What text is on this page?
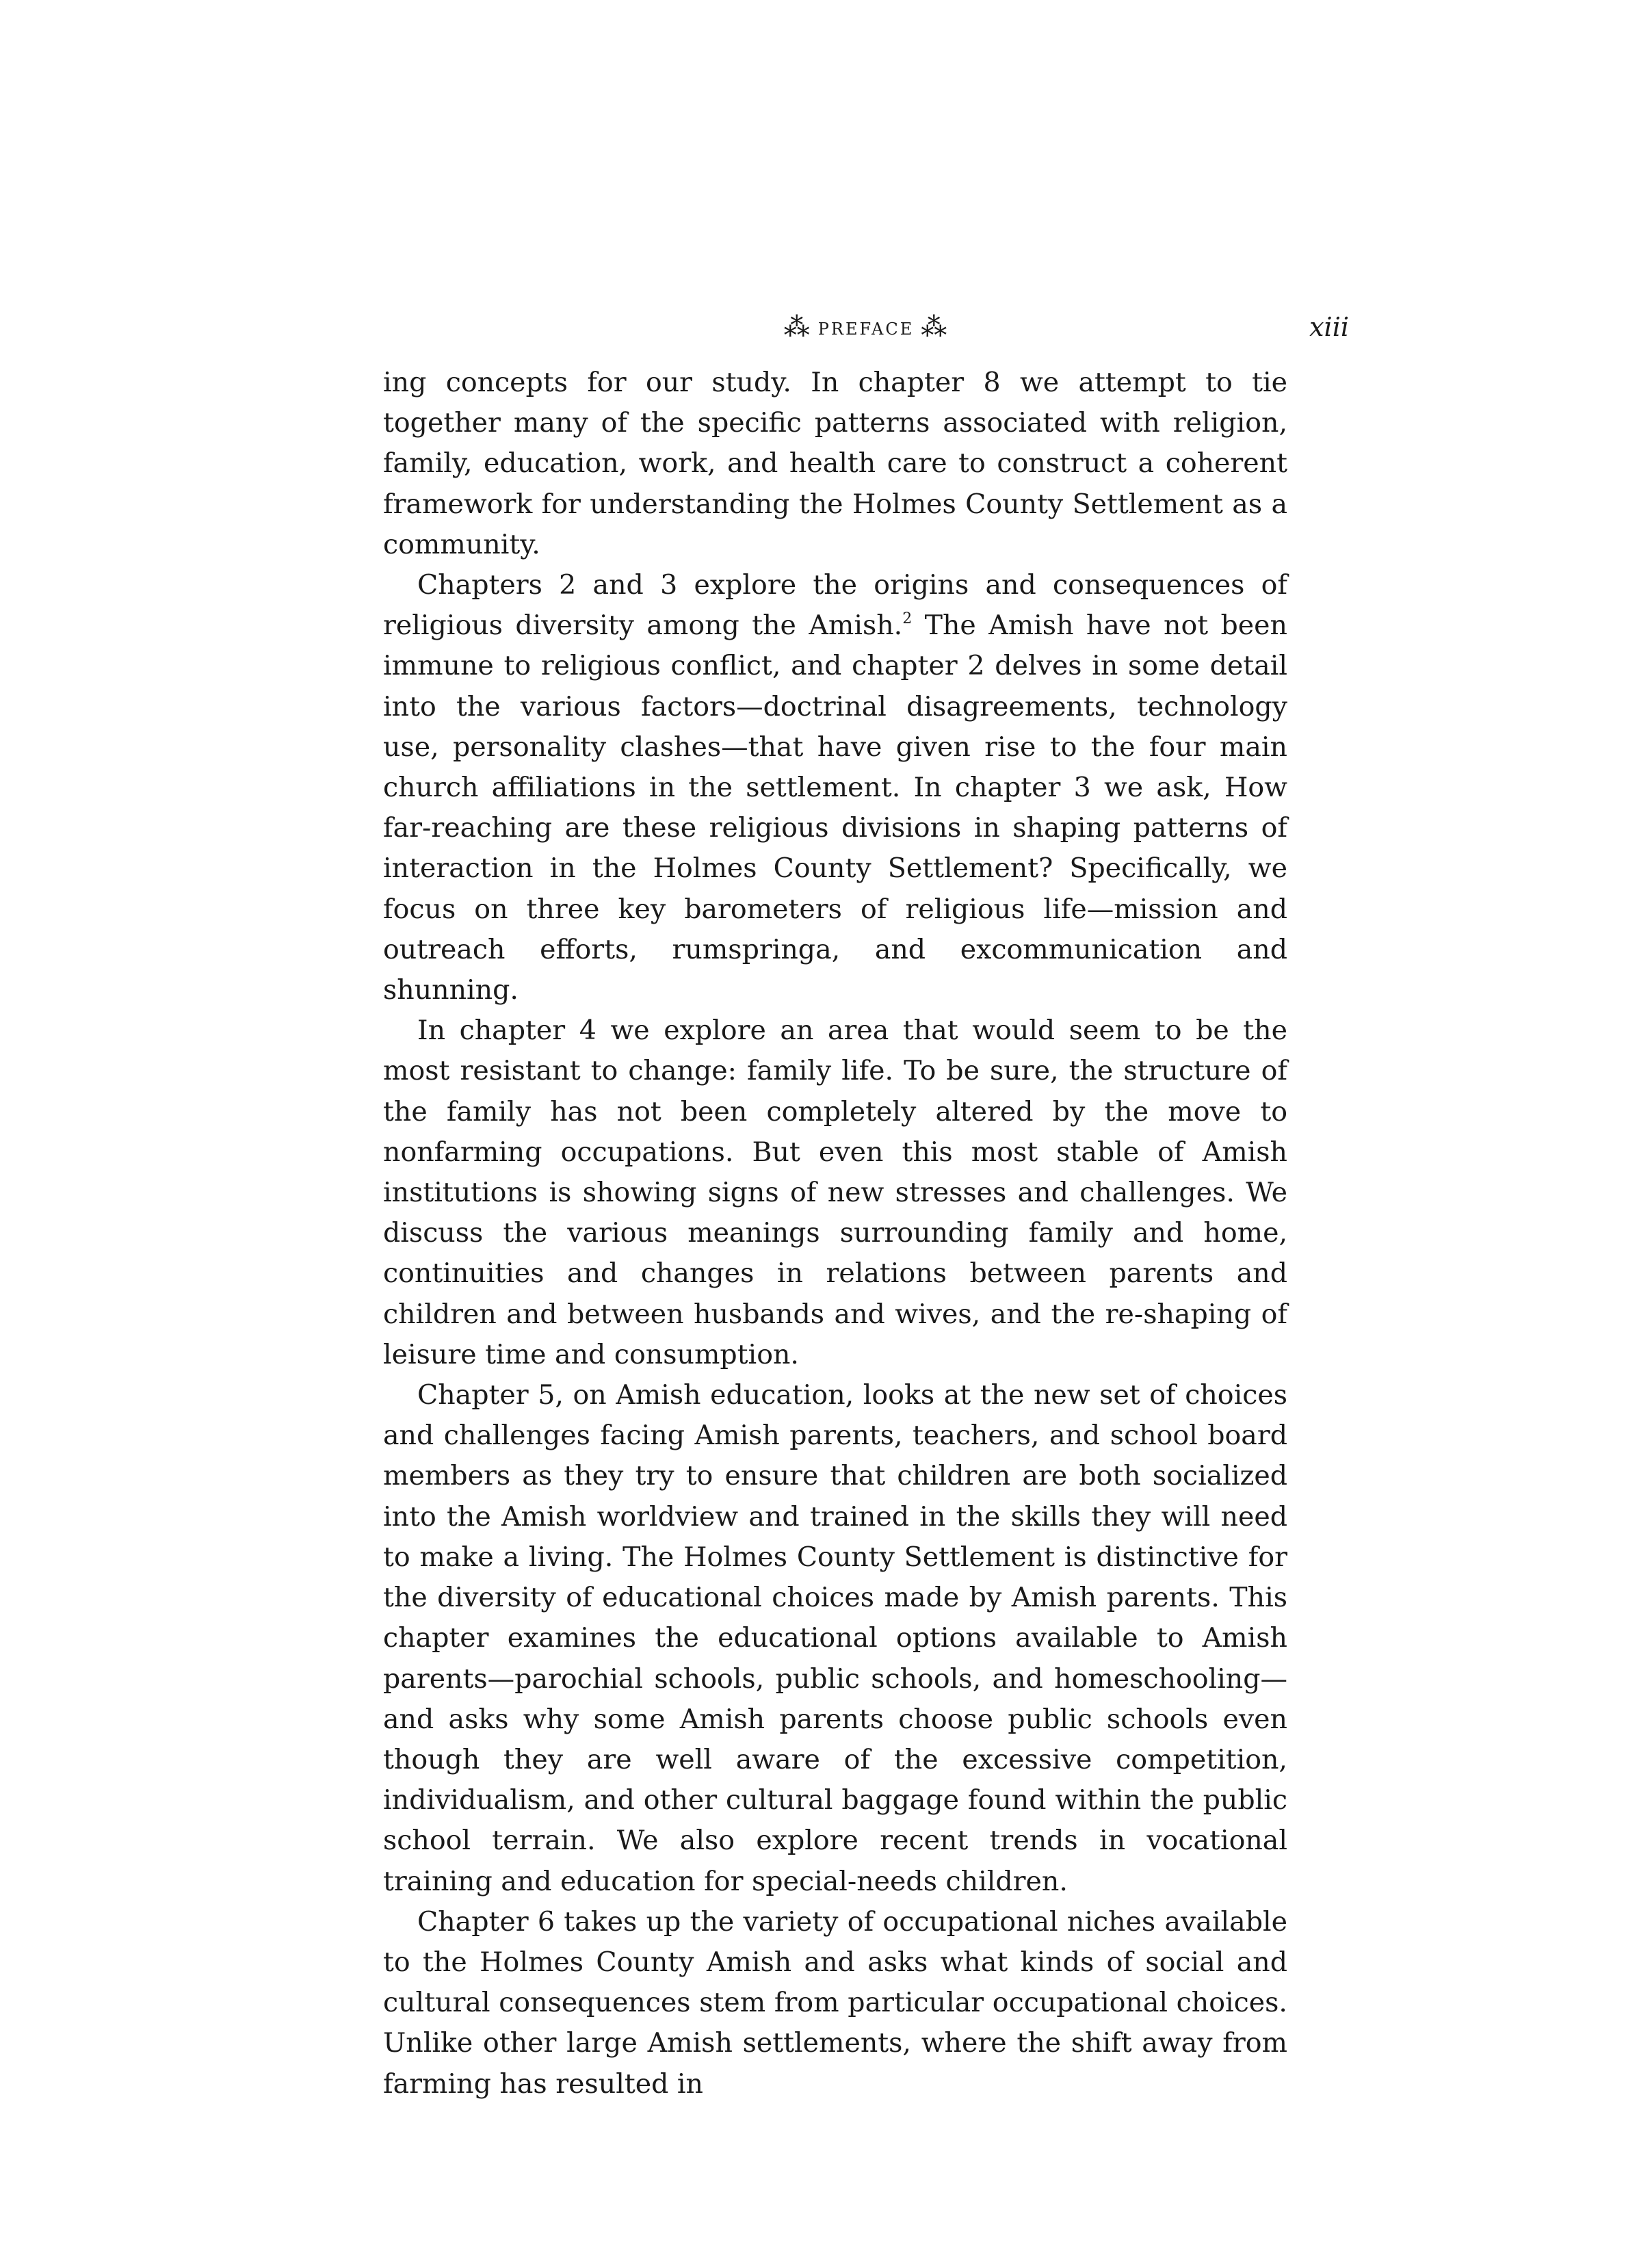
⁂ preface ⁂	xiii

ing concepts for our study. In chapter 8 we attempt to tie together many of the specific patterns associated with religion, family, education, work, and health care to construct a coherent framework for understanding the Holmes County Settlement as a community.

Chapters 2 and 3 explore the origins and consequences of religious diversity among the Amish.$^2$ The Amish have not been immune to religious conflict, and chapter 2 delves in some detail into the various factors—doctrinal disagreements, technology use, personality clashes—that have given rise to the four main church affiliations in the settlement. In chapter 3 we ask, How far-reaching are these religious divisions in shaping patterns of interaction in the Holmes County Settlement? Specifically, we focus on three key barometers of religious life—mission and outreach efforts, rumspringa, and excommunication and shunning.

In chapter 4 we explore an area that would seem to be the most resistant to change: family life. To be sure, the structure of the family has not been completely altered by the move to nonfarming occupations. But even this most stable of Amish institutions is showing signs of new stresses and challenges. We discuss the various meanings surrounding family and home, continuities and changes in relations between parents and children and between husbands and wives, and the re-shaping of leisure time and consumption.

Chapter 5, on Amish education, looks at the new set of choices and challenges facing Amish parents, teachers, and school board members as they try to ensure that children are both socialized into the Amish worldview and trained in the skills they will need to make a living. The Holmes County Settlement is distinctive for the diversity of educational choices made by Amish parents. This chapter examines the educational options available to Amish parents—parochial schools, public schools, and homeschooling—and asks why some Amish parents choose public schools even though they are well aware of the excessive competition, individualism, and other cultural baggage found within the public school terrain. We also explore recent trends in vocational training and education for special-needs children.

Chapter 6 takes up the variety of occupational niches available to the Holmes County Amish and asks what kinds of social and cultural consequences stem from particular occupational choices. Unlike other large Amish settlements, where the shift away from farming has resulted in
